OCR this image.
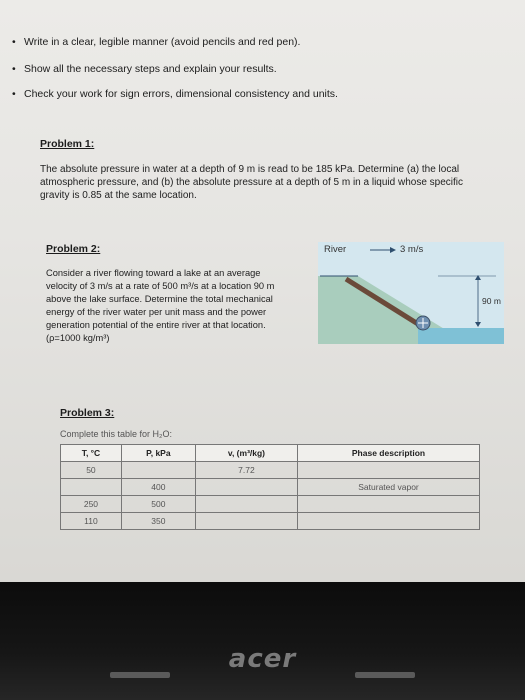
• Write in a clear, legible manner (avoid pencils and red pen).
• Show all the necessary steps and explain your results.
• Check your work for sign errors, dimensional consistency and units.
Problem 1:
The absolute pressure in water at a depth of 9 m is read to be 185 kPa. Determine (a) the local
atmospheric pressure, and (b) the absolute pressure at a depth of 5 m in a liquid whose specific
gravity is 0.85 at the same location.
Problem 2:
Consider a river flowing toward a lake at an average
velocity of 3 m/s at a rate of 500 m³/s at a location 90 m
above the lake surface. Determine the total mechanical
energy of the river water per unit mass and the power
generation potential of the entire river at that location.
(ρ=1000 kg/m³)
River	3 m/s
90 m
Problem 3:
Complete this table for H₂O:
T, °C	P, kPa	v, (m³/kg)	Phase description
50		7.72	
	400		Saturated vapor
250	500		
110	350		
acer
